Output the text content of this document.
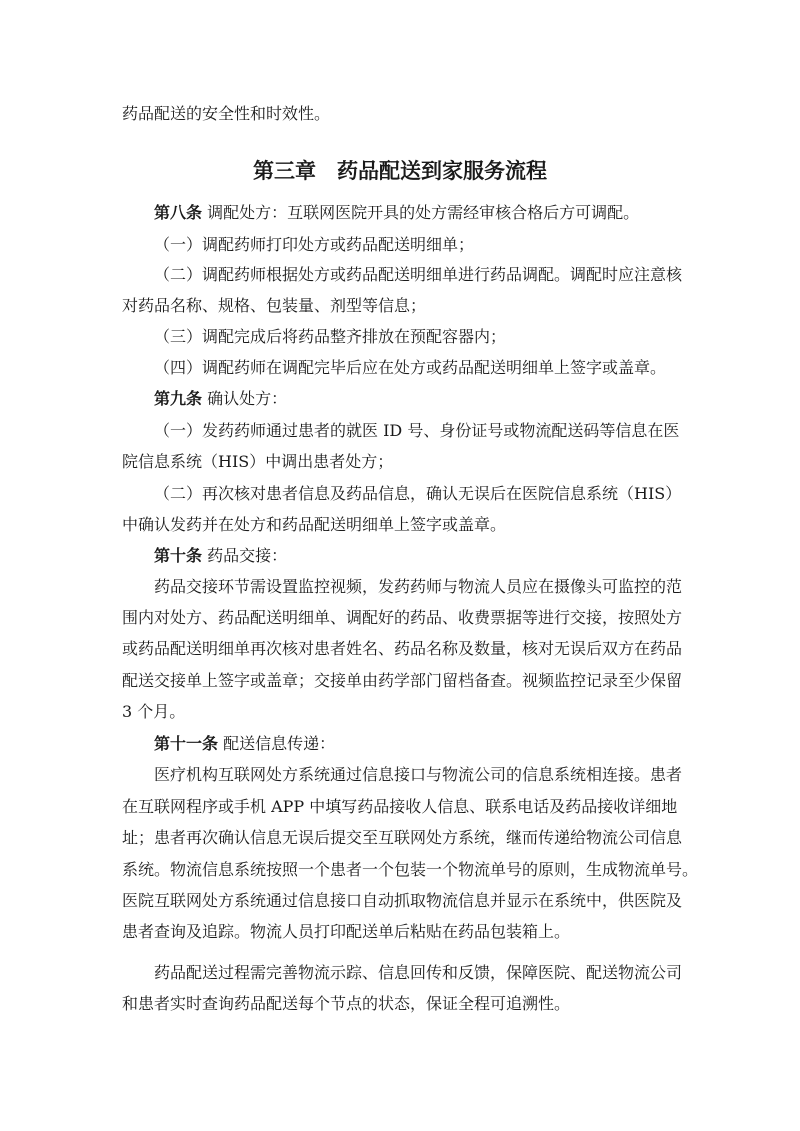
药品配送的安全性和时效性。
第三章　药品配送到家服务流程
第八条 调配处方：互联网医院开具的处方需经审核合格后方可调配。
（一）调配药师打印处方或药品配送明细单；
（二）调配药师根据处方或药品配送明细单进行药品调配。调配时应注意核
对药品名称、规格、包装量、剂型等信息；
（三）调配完成后将药品整齐排放在预配容器内；
（四）调配药师在调配完毕后应在处方或药品配送明细单上签字或盖章。
第九条 确认处方：
（一）发药药师通过患者的就医 ID 号、身份证号或物流配送码等信息在医
院信息系统（HIS）中调出患者处方；
（二）再次核对患者信息及药品信息，确认无误后在医院信息系统（HIS）
中确认发药并在处方和药品配送明细单上签字或盖章。
第十条 药品交接：
药品交接环节需设置监控视频，发药药师与物流人员应在摄像头可监控的范
围内对处方、药品配送明细单、调配好的药品、收费票据等进行交接，按照处方
或药品配送明细单再次核对患者姓名、药品名称及数量，核对无误后双方在药品
配送交接单上签字或盖章；交接单由药学部门留档备查。视频监控记录至少保留
3 个月。
第十一条 配送信息传递：
医疗机构互联网处方系统通过信息接口与物流公司的信息系统相连接。患者
在互联网程序或手机 APP 中填写药品接收人信息、联系电话及药品接收详细地
址；患者再次确认信息无误后提交至互联网处方系统，继而传递给物流公司信息
系统。物流信息系统按照一个患者一个包装一个物流单号的原则，生成物流单号。
医院互联网处方系统通过信息接口自动抓取物流信息并显示在系统中，供医院及
患者查询及追踪。物流人员打印配送单后粘贴在药品包装箱上。
药品配送过程需完善物流示踪、信息回传和反馈，保障医院、配送物流公司
和患者实时查询药品配送每个节点的状态，保证全程可追溯性。
